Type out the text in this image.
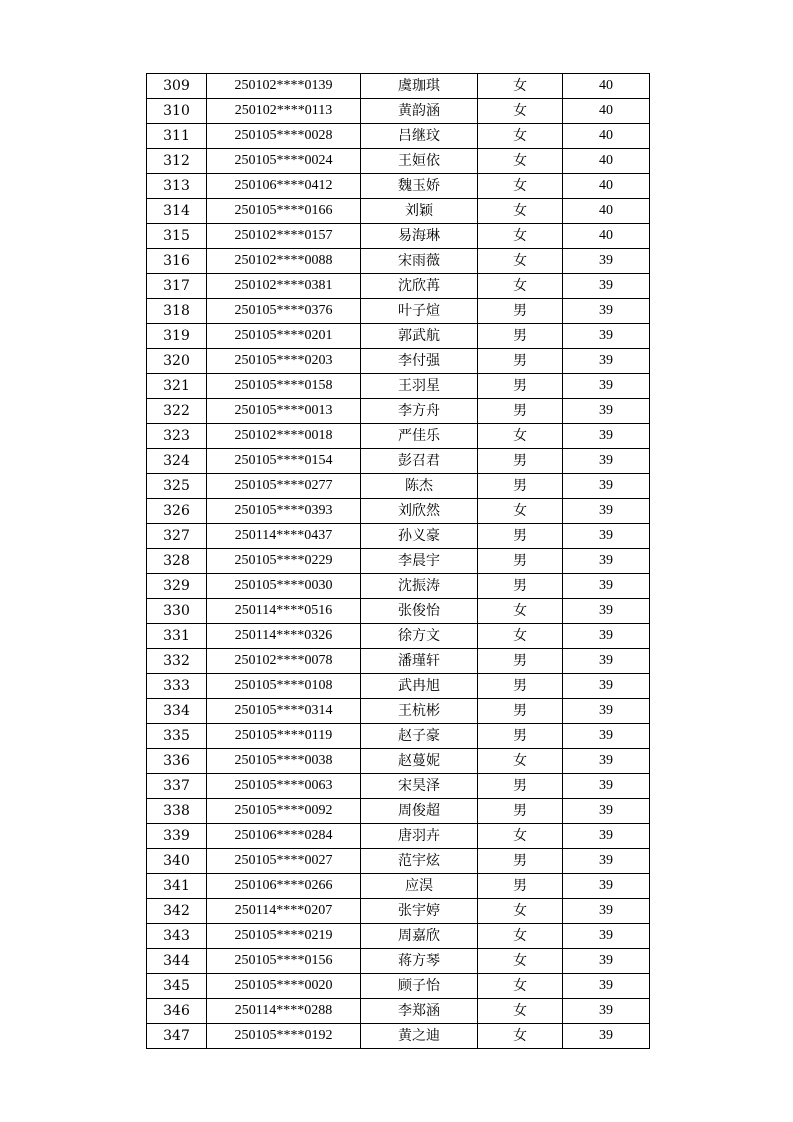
309	250102****0139	虞珈琪	女	40
310	250102****0113	黄韵涵	女	40
311	250105****0028	吕继玟	女	40
312	250105****0024	王姮依	女	40
313	250106****0412	魏玉娇	女	40
314	250105****0166	刘颖	女	40
315	250102****0157	易海琳	女	40
316	250102****0088	宋雨薇	女	39
317	250102****0381	沈欣苒	女	39
318	250105****0376	叶子煊	男	39
319	250105****0201	郭武航	男	39
320	250105****0203	李付强	男	39
321	250105****0158	王羽星	男	39
322	250105****0013	李方舟	男	39
323	250102****0018	严佳乐	女	39
324	250105****0154	彭召君	男	39
325	250105****0277	陈杰	男	39
326	250105****0393	刘欣然	女	39
327	250114****0437	孙义豪	男	39
328	250105****0229	李晨宇	男	39
329	250105****0030	沈振涛	男	39
330	250114****0516	张俊怡	女	39
331	250114****0326	徐方文	女	39
332	250102****0078	潘瑾轩	男	39
333	250105****0108	武冉旭	男	39
334	250105****0314	王杭彬	男	39
335	250105****0119	赵子豪	男	39
336	250105****0038	赵蔓妮	女	39
337	250105****0063	宋昊泽	男	39
338	250105****0092	周俊超	男	39
339	250106****0284	唐羽卉	女	39
340	250105****0027	范宇炫	男	39
341	250106****0266	应淏	男	39
342	250114****0207	张宇婷	女	39
343	250105****0219	周嘉欣	女	39
344	250105****0156	蒋方琴	女	39
345	250105****0020	顾子怡	女	39
346	250114****0288	李郑涵	女	39
347	250105****0192	黄之迪	女	39
